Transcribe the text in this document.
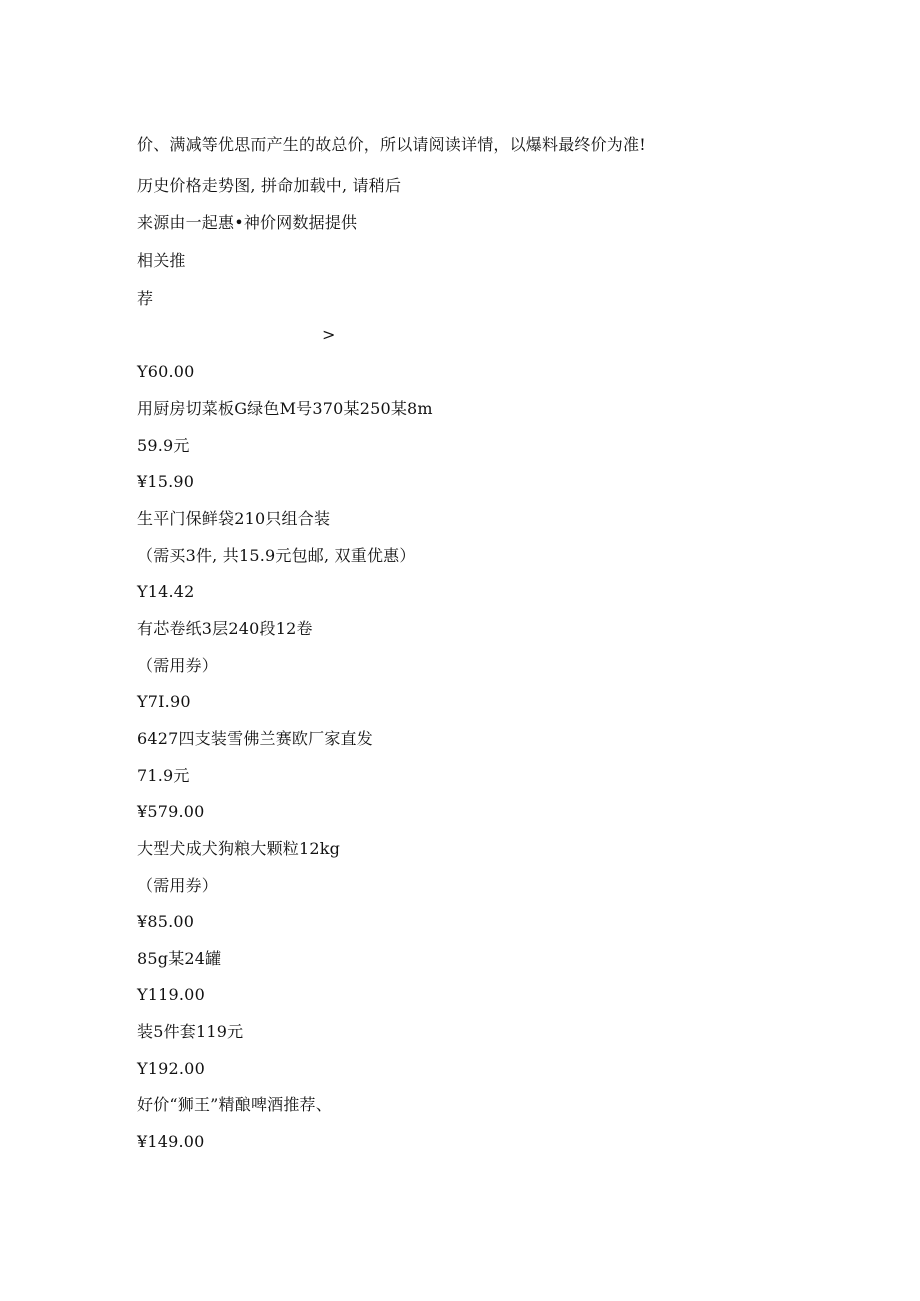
价、满减等优思而产生的故总价，所以请阅读详情，以爆料最终价为准!
历史价格走势图, 拼命加载中, 请稍后
来源由一起惠•神价网数据提供
相关推
荐
>
Y60.00
用厨房切菜板G绿色M号370某250某8m
59.9元
¥15.90
生平门保鲜袋210只组合装
（需买3件, 共15.9元包邮, 双重优惠）
Y14.42
有芯卷纸3层240段12卷
（需用券）
Y7I.90
6427四支装雪佛兰赛欧厂家直发
71.9元
¥579.00
大型犬成犬狗粮大颗粒12kg
（需用券）
¥85.00
85g某24罐
Y119.00
装5件套119元
Y192.00
好价“狮王”精酿啤酒推荐、
¥149.00
